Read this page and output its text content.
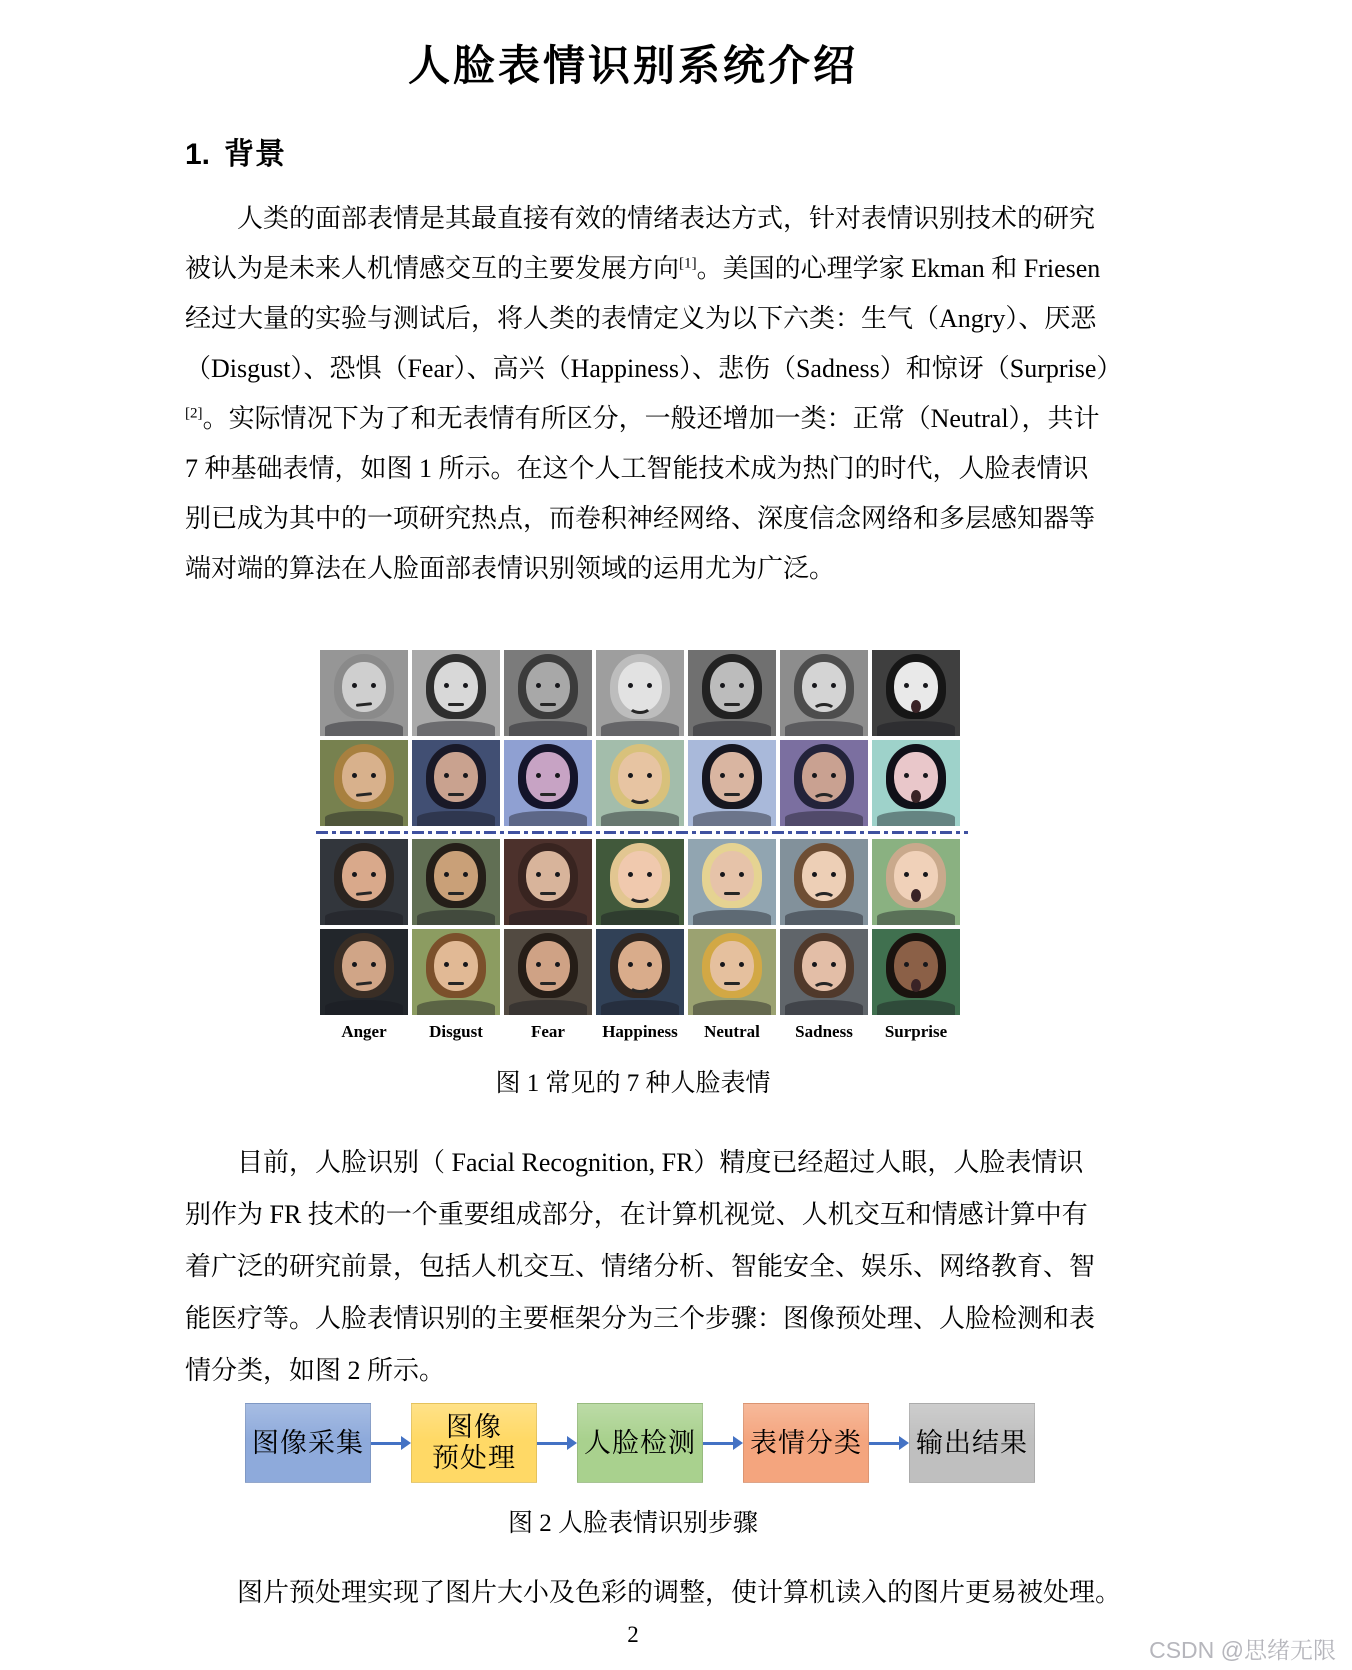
人脸表情识别系统介绍
1. 背景
人类的面部表情是其最直接有效的情绪表达方式，针对表情识别技术的研究
被认为是未来人机情感交互的主要发展方向[1]。美国的心理学家 Ekman 和 Friesen
经过大量的实验与测试后，将人类的表情定义为以下六类：生气（Angry）、厌恶
（Disgust）、恐惧（Fear）、高兴（Happiness）、悲伤（Sadness）和惊讶（Surprise）
[2]。实际情况下为了和无表情有所区分，一般还增加一类：正常（Neutral），共计
7 种基础表情，如图 1 所示。在这个人工智能技术成为热门的时代，人脸表情识
别已成为其中的一项研究热点，而卷积神经网络、深度信念网络和多层感知器等
端对端的算法在人脸面部表情识别领域的运用尤为广泛。
Anger	Disgust	Fear	Happiness	Neutral	Sadness	Surprise
图 1 常见的 7 种人脸表情
目前，人脸识别（ Facial Recognition, FR）精度已经超过人眼，人脸表情识
别作为 FR 技术的一个重要组成部分，在计算机视觉、人机交互和情感计算中有
着广泛的研究前景，包括人机交互、情绪分析、智能安全、娱乐、网络教育、智
能医疗等。人脸表情识别的主要框架分为三个步骤：图像预处理、人脸检测和表
情分类，如图 2 所示。
图像采集
图像
预处理
人脸检测 表情分类 输出结果
图 2 人脸表情识别步骤
图片预处理实现了图片大小及色彩的调整，使计算机读入的图片更易被处理。
2
CSDN @思绪无限
